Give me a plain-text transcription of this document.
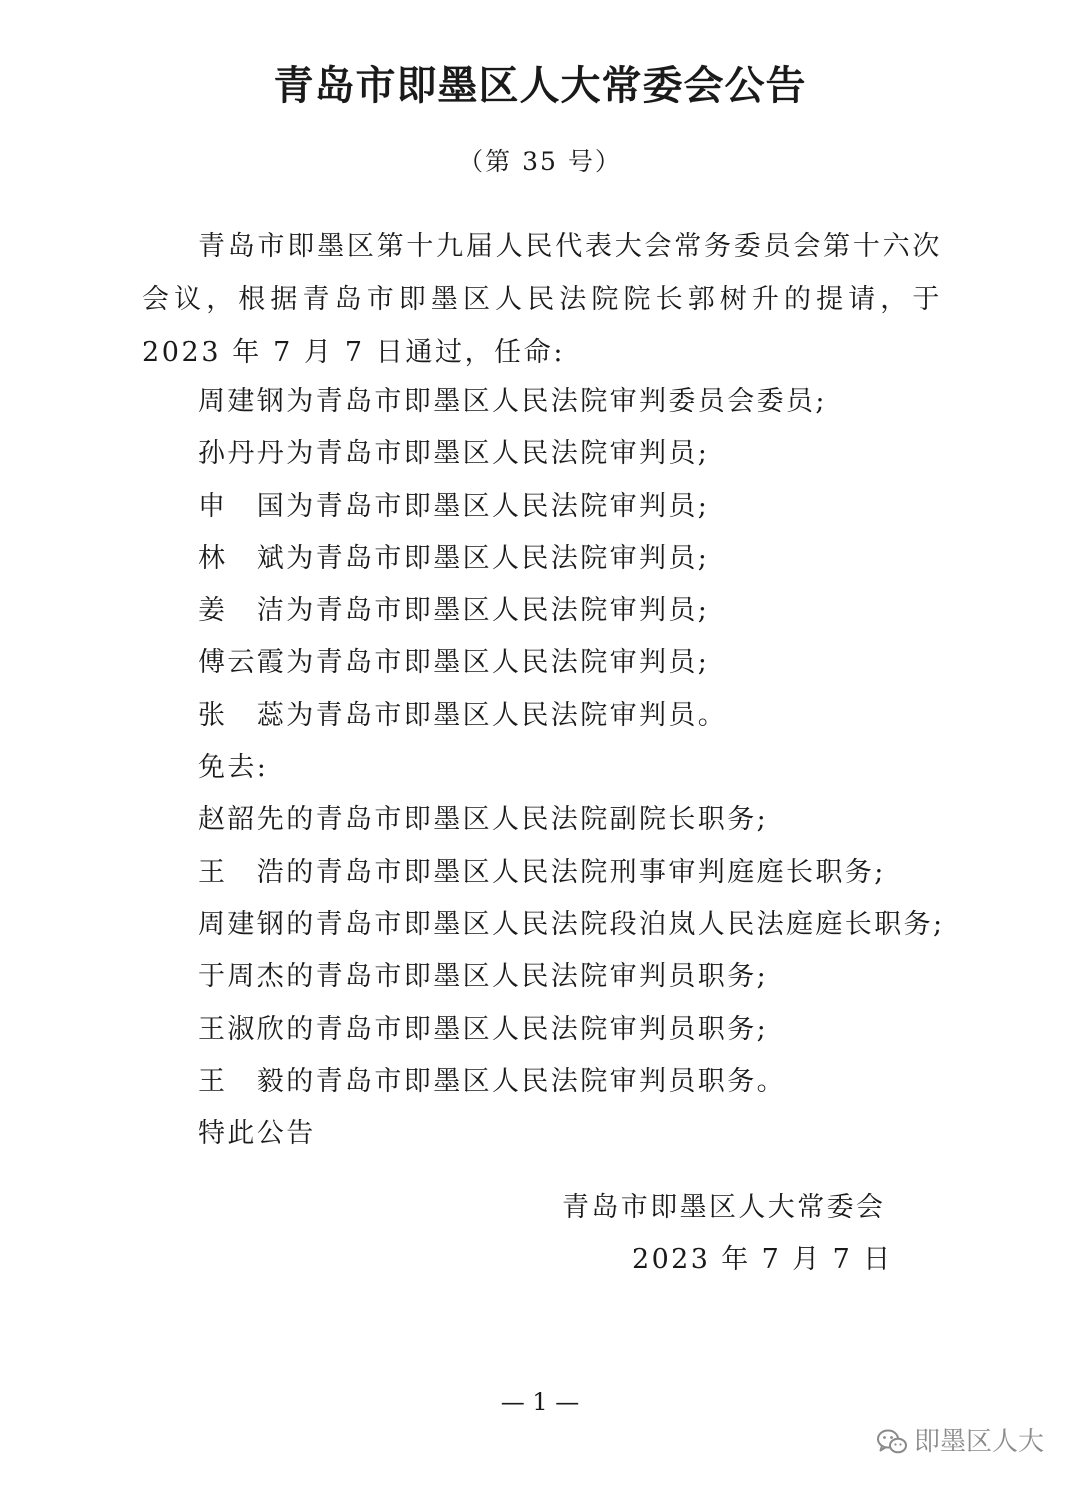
青岛市即墨区人大常委会公告
（第 35 号）

青岛市即墨区第十九届人民代表大会常务委员会第十六次会议，根据青岛市即墨区人民法院院长郭树升的提请，于 2023 年 7 月 7 日通过，任命:

周建钢为青岛市即墨区人民法院审判委员会委员;
孙丹丹为青岛市即墨区人民法院审判员;
申　国为青岛市即墨区人民法院审判员;
林　斌为青岛市即墨区人民法院审判员;
姜　洁为青岛市即墨区人民法院审判员;
傅云霞为青岛市即墨区人民法院审判员;
张　蕊为青岛市即墨区人民法院审判员。
免去:
赵韶先的青岛市即墨区人民法院副院长职务;
王　浩的青岛市即墨区人民法院刑事审判庭庭长职务;
周建钢的青岛市即墨区人民法院段泊岚人民法庭庭长职务;
于周杰的青岛市即墨区人民法院审判员职务;
王淑欣的青岛市即墨区人民法院审判员职务;
王　毅的青岛市即墨区人民法院审判员职务。
特此公告
青岛市即墨区人大常委会
2023 年 7 月 7 日
— 1 —
即墨区人大
